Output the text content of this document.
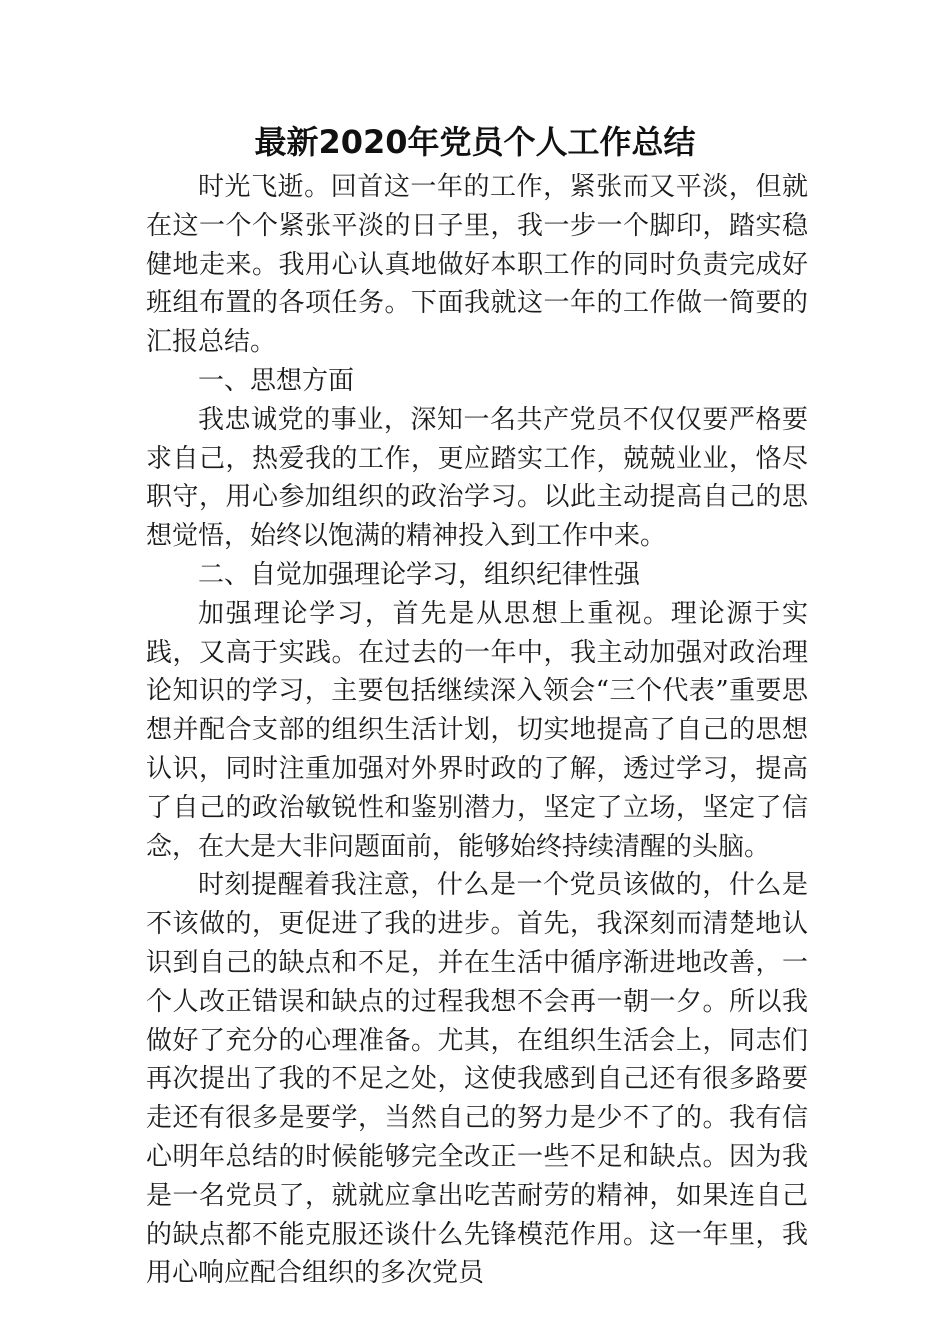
最新2020年党员个人工作总结

时光飞逝。回首这一年的工作，紧张而又平淡，但就在这一个个紧张平淡的日子里，我一步一个脚印，踏实稳健地走来。我用心认真地做好本职工作的同时负责完成好班组布置的各项任务。下面我就这一年的工作做一简要的汇报总结。

一、思想方面

我忠诚党的事业，深知一名共产党员不仅仅要严格要求自己，热爱我的工作，更应踏实工作，兢兢业业，恪尽职守，用心参加组织的政治学习。以此主动提高自己的思想觉悟，始终以饱满的精神投入到工作中来。

二、自觉加强理论学习，组织纪律性强

加强理论学习，首先是从思想上重视。理论源于实践，又高于实践。在过去的一年中，我主动加强对政治理论知识的学习，主要包括继续深入领会“三个代表”重要思想并配合支部的组织生活计划，切实地提高了自己的思想认识，同时注重加强对外界时政的了解，透过学习，提高了自己的政治敏锐性和鉴别潜力，坚定了立场，坚定了信念，在大是大非问题面前，能够始终持续清醒的头脑。

时刻提醒着我注意，什么是一个党员该做的，什么是不该做的，更促进了我的进步。首先，我深刻而清楚地认识到自己的缺点和不足，并在生活中循序渐进地改善，一个人改正错误和缺点的过程我想不会再一朝一夕。所以我做好了充分的心理准备。尤其，在组织生活会上，同志们再次提出了我的不足之处，这使我感到自己还有很多路要走还有很多是要学，当然自己的努力是少不了的。我有信心明年总结的时候能够完全改正一些不足和缺点。因为我是一名党员了，就就应拿出吃苦耐劳的精神，如果连自己的缺点都不能克服还谈什么先锋模范作用。这一年里，我用心响应配合组织的多次党员
